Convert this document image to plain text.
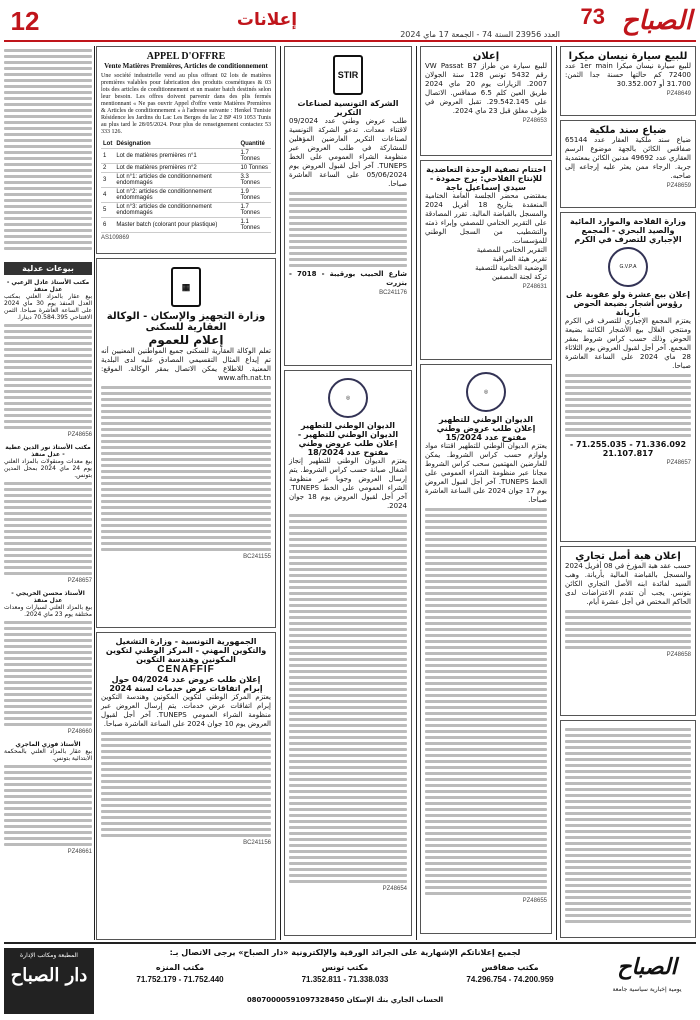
12	إعلانات
العدد 23956 السنة 74 - الجمعة 17 ماي 2024	الصباح
73
للبيع سيارة نيسان ميكرا
للبيع سيارة نيسان ميكرا 1er main عدد 72400 كم حالتها حسنة جدا الثمن: 31.700 أو 30.352.007
PZ48649
ضياع سند ملكية
ضياع سند ملكية العقار عدد 65144 صفاقس الكائن بالجهة موضوع الرسم العقاري عدد 49692 مدنين الكائن بمعتمدية جربة. الرجاء ممن يعثر عليه إرجاعه إلى صاحبه.
PZ48659
وزارة الفلاحة والموارد المائية والصيد البحري - المجمع الإجباري للتصرف في الكرم
G.V.P.A
إعلان بيع عشرة ولو عقوبة على رؤوس أشجار بضيعة الحوض باريانة
يعتزم المجمع الإجباري للتصرف في الكرم ومنتجي الغلال بيع الأشجار الكائنة بضيعة الحوض وذلك حسب كراس شروط بمقر المجمع. آخر أجل لقبول العروض يوم الثلاثاء 28 ماي 2024 على الساعة العاشرة صباحا.
71.336.092 - 71.255.035 - 21.107.817
PZ48657
إعلان هبة أصل تجاري
حسب عقد هبة المؤرخ في 08 أفريل 2024 والمسجل بالقباضة المالية بأريانة. وهب السيد لفائدة ابنه الأصل التجاري الكائن بتونس. يجب أن تقدم الاعتراضات لدى الحاكم المختص في أجل عشرة أيام.
PZ48658
إعلان
للبيع سيارة من طراز VW Passat B7 رقم 5432 تونس 128 سنة الجولان 2007. الزيارات يوم 20 ماي 2024 طريق العين كلم 6.5 صفاقس. الاتصال على 29.542.145. تقبل العروض في ظرف مغلق قبل 23 ماي 2024.
PZ48653
اختتام تصفية الوحدة التعاضدية للإنتاج الفلاحي: برج حمودة - سيدي إسماعيل باجة
بمقتضى محضر الجلسة العامة الختامية المنعقدة بتاريخ 18 أفريل 2024 والمسجل بالقباضة المالية. تقرر المصادقة على التقرير الختامي للمصفي وإبراء ذمته والتشطيب من السجل الوطني للمؤسسات.
التقرير الختامي للمصفية
تقرير هيئة المراقبة
الوضعية الختامية للتصفية
تركة لجنة المصفين
PZ48631
◎
الديوان الوطني للتطهير
إعلان طلب عروض وطني مفتوح عدد 15/2024
يعتزم الديوان الوطني للتطهير اقتناء مواد ولوازم حسب كراس الشروط. يمكن للعارضين المهتمين سحب كراس الشروط مجانا عبر منظومة الشراء العمومي على الخط TUNEPS. آخر أجل لقبول العروض يوم 17 جوان 2024 على الساعة العاشرة صباحا.
PZ48655
STIR
الشركة التونسية لصناعات التكرير
طلب عروض وطني عدد 09/2024 لاقتناء معدات. تدعو الشركة التونسية لصناعات التكرير العارضين المؤهلين للمشاركة في طلب العروض عبر منظومة الشراء العمومي على الخط TUNEPS. آخر أجل لقبول العروض يوم 05/06/2024 على الساعة العاشرة صباحا.
شارع الحبيب بورقيبة - 7018 - بنزرت
BC241176
◎
الديوان الوطني للتطهير
الديوان الوطني للتطهير - إعلان طلب عروض وطني مفتوح عدد 18/2024
يعتزم الديوان الوطني للتطهير إنجاز أشغال صيانة حسب كراس الشروط. يتم إرسال العروض وجوبا عبر منظومة الشراء العمومي على الخط TUNEPS. آخر أجل لقبول العروض يوم 18 جوان 2024.
PZ48654
APPEL D'OFFRE
Vente Matières Premières, Articles de conditionnement
Une société industrielle vend au plus offrant 02 lots de matières premières valables pour fabrication des produits cosmétiques & 03 lots des articles de conditionnement et un master batch destinés selon leur besoin. Les offres doivent parvenir dans des plis fermés mentionnant « Ne pas ouvrir Appel d'offre vente Matières Premières & Articles de conditionnement » à l'adresse suivante : Henkel Tunisie Résidence les Jardins du Lac Les Berges du lac 2 BP 419 1053 Tunis au plus tard le 28/05/2024. Pour plus de renseignement contactez 53 333 126.
Lot	Désignation	Quantité
1	Lot de matières premières n°1	1.7 Tonnes
2	Lot de matières premières n°2	10 Tonnes
3	Lot n°1: articles de conditionnement endommagés	3.3 Tonnes
4	Lot n°2: articles de conditionnement endommagés	1.9 Tonnes
5	Lot n°3: articles de conditionnement endommagés	1.7 Tonnes
6	Master batch (colorant pour plastique)	1.1 Tonnes
AS109869
▦
وزارة التجهيز والإسكان - الوكالة العقارية للسكنى
إعلام للعموم
تعلم الوكالة العقارية للسكنى جميع المواطنين المعنيين أنه تم إيداع المثال التقسيمي المصادق عليه لدى البلدية المعنية. للاطلاع يمكن الاتصال بمقر الوكالة. الموقع: www.afh.nat.tn
BC241155
الجمهورية التونسية - وزارة التشغيل والتكوين المهني - المركز الوطني لتكوين المكونين وهندسة التكوين
CENAFFIF
إعلان طلب عروض عدد 04/2024 حول إبرام اتفاقات عرض خدمات لسنة 2024
يعتزم المركز الوطني لتكوين المكونين وهندسة التكوين إبرام اتفاقات عرض خدمات. يتم إرسال العروض عبر منظومة الشراء العمومي TUNEPS. آخر أجل لقبول العروض يوم 10 جوان 2024 على الساعة العاشرة صباحا.
BC241156
بيوعات عدلية
مكتب الأستاذ عادل الزعبي - عدل منفذ
بيع عقار بالمزاد العلني بمكتب العدل المنفذ يوم 30 ماي 2024 على الساعة العاشرة صباحا. الثمن الافتتاحي 70.584.395 دينارا.
PZ48656
مكتب الأستاذ نور الدين عطية - عدل منفذ
بيع معدات ومنقولات بالمزاد العلني يوم 24 ماي 2024 بمحل المدين بتونس.
PZ48657
الأستاذ محسن الخريجي - عدل منفذ
بيع بالمزاد العلني لسيارات ومعدات مختلفة يوم 23 ماي 2024.
PZ48660
الأستاذ فوزي الماجري
بيع عقار بالمزاد العلني بالمحكمة الابتدائية بتونس.
PZ48661
المطبعة ومكاتب الإدارة
دار الصباح
لجميع إعلاناتكم الإشهارية على الجرائد الورقية والإلكترونية «دار الصباح» يرجى الاتصال بـ:
مكتب صفاقس
74.200.959 - 74.296.754
مكتب تونس
71.338.033 - 71.352.811
مكتب المنزه
71.752.440 - 71.752.179
الحساب الجاري بنك الإسكان 08070000591097328450
الصباح
يومية إخبارية سياسية جامعة
